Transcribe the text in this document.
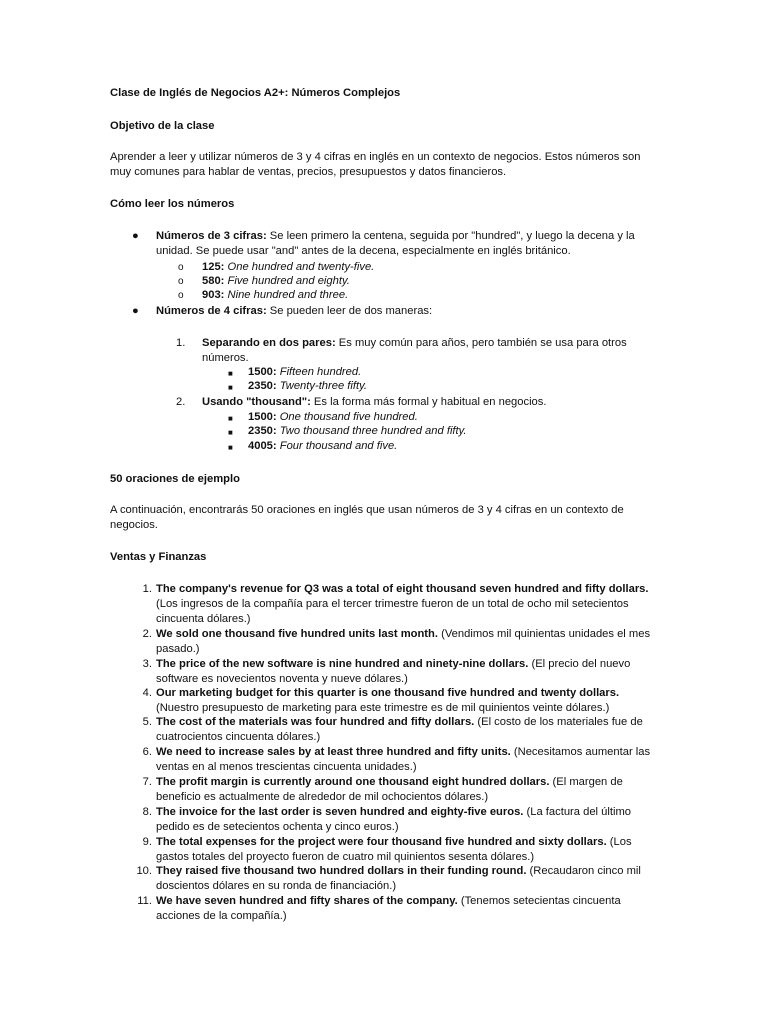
Clase de Inglés de Negocios A2+: Números Complejos

Objetivo de la clase

Aprender a leer y utilizar números de 3 y 4 cifras en inglés en un contexto de negocios. Estos números son muy comunes para hablar de ventas, precios, presupuestos y datos financieros.

Cómo leer los números

● Números de 3 cifras: Se leen primero la centena, seguida por "hundred", y luego la decena y la unidad. Se puede usar "and" antes de la decena, especialmente en inglés británico.

o	125: One hundred and twenty-five.

o	580: Five hundred and eighty.

o	903: Nine hundred and three.

● Números de 4 cifras: Se pueden leer de dos maneras:

1.	Separando en dos pares: Es muy común para años, pero también se usa para otros números.

■ 1500: Fifteen hundred.

■ 2350: Twenty-three fifty.

2.	Usando "thousand": Es la forma más formal y habitual en negocios.

■ 1500: One thousand five hundred.

■ 2350: Two thousand three hundred and fifty.

■ 4005: Four thousand and five.

50 oraciones de ejemplo

A continuación, encontrarás 50 oraciones en inglés que usan números de 3 y 4 cifras en un contexto de negocios.

Ventas y Finanzas

1. The company's revenue for Q3 was a total of eight thousand seven hundred and fifty dollars. (Los ingresos de la compañía para el tercer trimestre fueron de un total de ocho mil setecientos cincuenta dólares.)

2. We sold one thousand five hundred units last month. (Vendimos mil quinientas unidades el mes pasado.)

3. The price of the new software is nine hundred and ninety-nine dollars. (El precio del nuevo software es novecientos noventa y nueve dólares.)

4. Our marketing budget for this quarter is one thousand five hundred and twenty dollars. (Nuestro presupuesto de marketing para este trimestre es de mil quinientos veinte dólares.)

5. The cost of the materials was four hundred and fifty dollars. (El costo de los materiales fue de cuatrocientos cincuenta dólares.)

6. We need to increase sales by at least three hundred and fifty units. (Necesitamos aumentar las ventas en al menos trescientas cincuenta unidades.)

7. The profit margin is currently around one thousand eight hundred dollars. (El margen de beneficio es actualmente de alrededor de mil ochocientos dólares.)

8. The invoice for the last order is seven hundred and eighty-five euros. (La factura del último pedido es de setecientos ochenta y cinco euros.)

9. The total expenses for the project were four thousand five hundred and sixty dollars. (Los gastos totales del proyecto fueron de cuatro mil quinientos sesenta dólares.)

10. They raised five thousand two hundred dollars in their funding round. (Recaudaron cinco mil doscientos dólares en su ronda de financiación.)

11. We have seven hundred and fifty shares of the company. (Tenemos setecientas cincuenta acciones de la compañía.)
